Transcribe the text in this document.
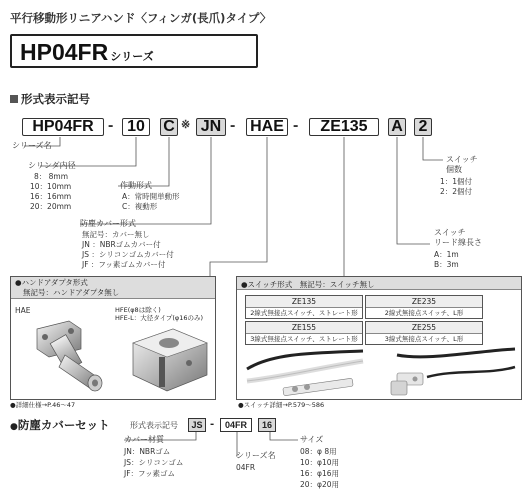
平行移動形リニアハンド〈フィンガ(長爪)タイプ〉
HP04FR シリーズ
形式表示記号
HP04FR - 10	C ※ JN - HAE -	ZE135	A 2
シリーズ名
シリンダ内径
8： 8mm
10：10mm
16：16mm
20：20mm
作動形式
A：常時開単動形
C：複動形
防塵カバー形式
無記号：カバー無し
JN ：NBRゴムカバー付
JS ：シリコンゴムカバー付
JF ：フッ素ゴムカバー付
スイッチ
個数
1：1個付
2：2個付
スイッチ
リード線長さ
A：1m
B：3m
●ハンドアダプタ形式
無記号：ハンドアダプタ無し
HAE	HFE(φ8は除く)
HFE-L：大径タイプ(φ16のみ)
●詳細仕様→P.46～47
●スイッチ形式　無記号：スイッチ無し
ZE135
2線式無接点スイッチ、ストレート形
ZE235
2線式無接点スイッチ、L形
ZE155
3線式無接点スイッチ、ストレート形
ZE255
3線式無接点スイッチ、L形
●スイッチ詳細→P.579～586
●防塵カバーセット	形式表示記号	JS -	04FR	16
カバー材質
JN：NBRゴム
JS：シリコンゴム
JF：フッ素ゴム
シリーズ名
04FR
サイズ
08：φ 8用
10：φ10用
16：φ16用
20：φ20用
